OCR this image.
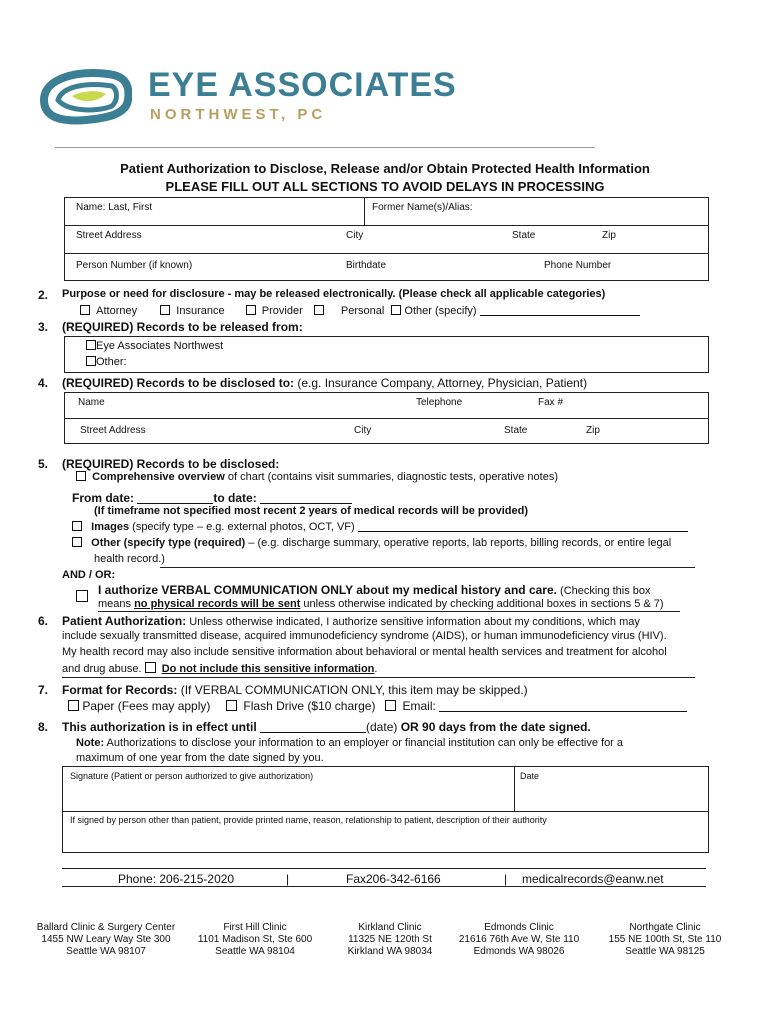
EYE ASSOCIATES
NORTHWEST, PC
Patient Authorization to Disclose, Release and/or Obtain Protected Health Information
PLEASE FILL OUT ALL SECTIONS TO AVOID DELAYS IN PROCESSING
Name: Last, First	Former Name(s)/Alias:
Street Address	City	State	Zip
Person Number (if known)	Birthdate	Phone Number
2. Purpose or need for disclosure - may be released electronically. (Please check all applicable categories)
Attorney	Insurance	Provider	Personal Other (specify)
3. (REQUIRED) Records to be released from:
Eye Associates Northwest
Other:
4. (REQUIRED) Records to be disclosed to: (e.g. Insurance Company, Attorney, Physician, Patient)
Name	Telephone	Fax #
Street Address	City	State	Zip
5. (REQUIRED) Records to be disclosed:
Comprehensive overview of chart (contains visit summaries, diagnostic tests, operative notes)
From date:	to date:
(If timeframe not specified most recent 2 years of medical records will be provided)
Images (specify type – e.g. external photos, OCT, VF)
Other (specify type (required) – (e.g. discharge summary, operative reports, lab reports, billing records, or entire legal
health record.)
AND / OR:
I authorize VERBAL COMMUNICATION ONLY about my medical history and care. (Checking this box
means no physical records will be sent unless otherwise indicated by checking additional boxes in sections 5 & 7)
6. Patient Authorization: Unless otherwise indicated, I authorize sensitive information about my conditions, which may
include sexually transmitted disease, acquired immunodeficiency syndrome (AIDS), or human immunodeficiency virus (HIV).
My health record may also include sensitive information about behavioral or mental health services and treatment for alcohol
and drug abuse. Do not include this sensitive information.
7. Format for Records: (If VERBAL COMMUNICATION ONLY, this item may be skipped.)
Paper (Fees may apply)	Flash Drive ($10 charge) Email:
8. This authorization is in effect until	(date) OR 90 days from the date signed.
Note: Authorizations to disclose your information to an employer or financial institution can only be effective for a
maximum of one year from the date signed by you.
Signature (Patient or person authorized to give authorization)	Date
If signed by person other than patient, provide printed name, reason, relationship to patient, description of their authority
Phone: 206-215-2020	|	Fax206-342-6166	| medicalrecords@eanw.net
Ballard Clinic & Surgery Center
1455 NW Leary Way Ste 300
Seattle WA 98107
First Hill Clinic
1101 Madison St, Ste 600
Seattle WA 98104
Kirkland Clinic
11325 NE 120th St
Kirkland WA 98034
Edmonds Clinic
21616 76th Ave W, Ste 110
Edmonds WA 98026
Northgate Clinic
155 NE 100th St, Ste 110
Seattle WA 98125
